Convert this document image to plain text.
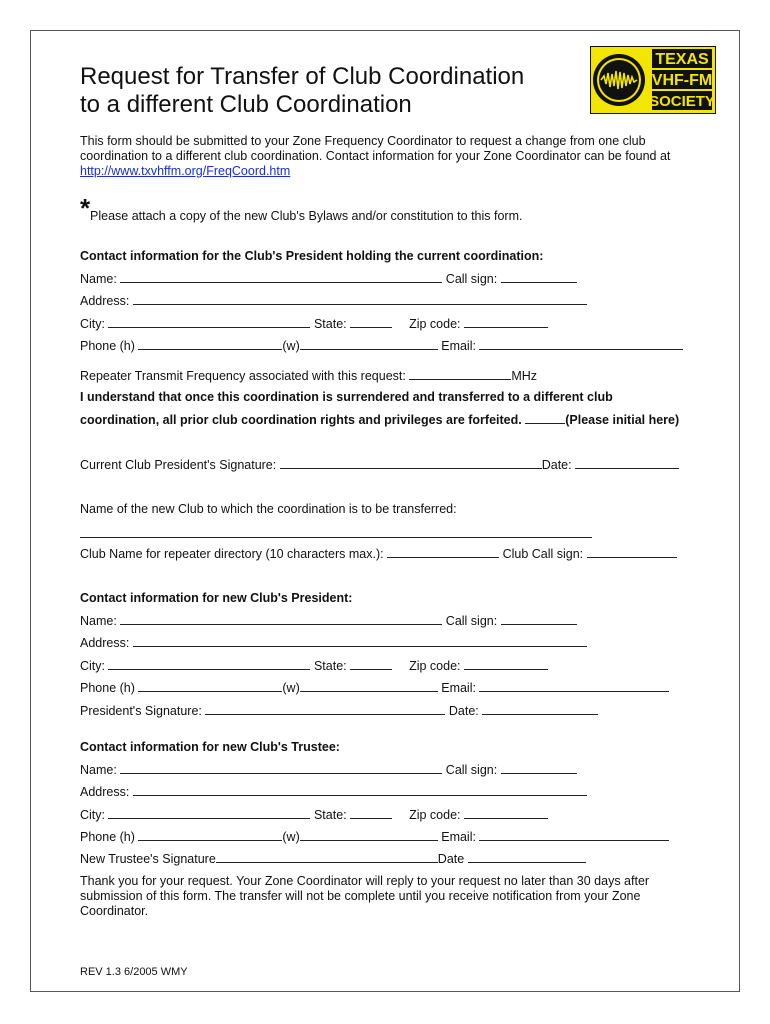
Request for Transfer of Club Coordination
to a different Club Coordination
TEXAS
VHF-FM
SOCIETY
This form should be submitted to your Zone Frequency Coordinator to request a change from one club
coordination to a different club coordination. Contact information for your Zone Coordinator can be found at
http://www.txvhffm.org/FreqCoord.htm
* Please attach a copy of the new Club's Bylaws and/or constitution to this form.
Contact information for the Club's President holding the current coordination:
Name:	Call sign:
Address:
City:	State:	Zip code:
Phone (h)	(w)	Email:
Repeater Transmit Frequency associated with this request:	MHz
I understand that once this coordination is surrendered and transferred to a different club
coordination, all prior club coordination rights and privileges are forfeited.	(Please initial here)
Current Club President's Signature:	Date:
Name of the new Club to which the coordination is to be transferred:
Club Name for repeater directory (10 characters max.):	Club Call sign:
Contact information for new Club's President:
Name:	Call sign:
Address:
City:	State:	Zip code:
Phone (h)	(w)	Email:
President's Signature:	Date:
Contact information for new Club's Trustee:
Name:	Call sign:
Address:
City:	State:	Zip code:
Phone (h)	(w)	Email:
New Trustee's Signature	Date
Thank you for your request. Your Zone Coordinator will reply to your request no later than 30 days after
submission of this form. The transfer will not be complete until you receive notification from your Zone
Coordinator.
REV 1.3 6/2005 WMY
